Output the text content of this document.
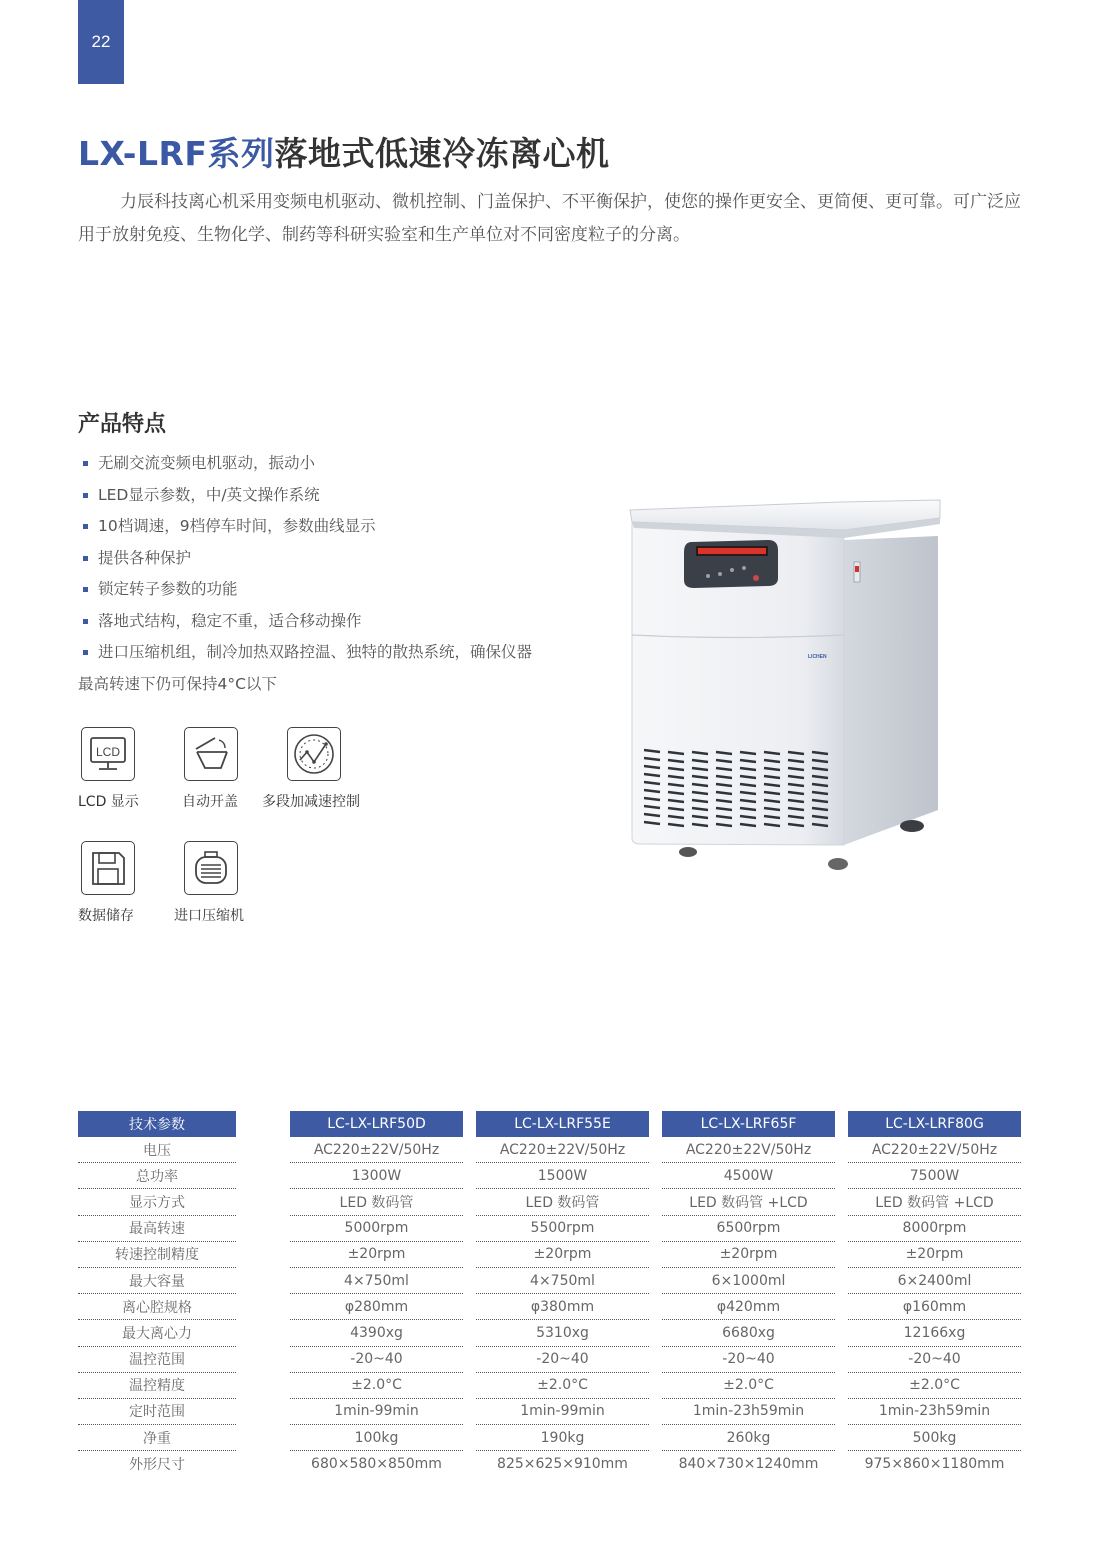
22
LX-LRF系列落地式低速冷冻离心机

力辰科技离心机采用变频电机驱动、微机控制、门盖保护、不平衡保护，使您的操作更安全、更简便、更可靠。可广泛应用于放射免疫、生物化学、制药等科研实验室和生产单位对不同密度粒子的分离。

产品特点
无刷交流变频电机驱动，振动小
LED显示参数，中/英文操作系统
10档调速，9档停车时间，参数曲线显示
提供各种保护
锁定转子参数的功能
落地式结构，稳定不重，适合移动操作
进口压缩机组，制冷加热双路控温、独特的散热系统，确保仪器最高转速下仍可保持4°C以下
LCD
LCD 显示	自动开盖 多段加减速控制
数据储存	进口压缩机
LICHEN
技术参数		LC-LX-LRF50D		LC-LX-LRF55E		LC-LX-LRF65F		LC-LX-LRF80G
电压		AC220±22V/50Hz		AC220±22V/50Hz		AC220±22V/50Hz		AC220±22V/50Hz
总功率		1300W		1500W		4500W		7500W
显示方式		LED 数码管		LED 数码管		LED 数码管 +LCD		LED 数码管 +LCD
最高转速		5000rpm		5500rpm		6500rpm		8000rpm
转速控制精度		±20rpm		±20rpm		±20rpm		±20rpm
最大容量		4×750ml		4×750ml		6×1000ml		6×2400ml
离心腔规格		φ280mm		φ380mm		φ420mm		φ160mm
最大离心力		4390xg		5310xg		6680xg		12166xg
温控范围		-20~40		-20~40		-20~40		-20~40
温控精度		±2.0°C		±2.0°C		±2.0°C		±2.0°C
定时范围		1min-99min		1min-99min		1min-23h59min		1min-23h59min
净重		100kg		190kg		260kg		500kg
外形尺寸		680×580×850mm		825×625×910mm		840×730×1240mm		975×860×1180mm
